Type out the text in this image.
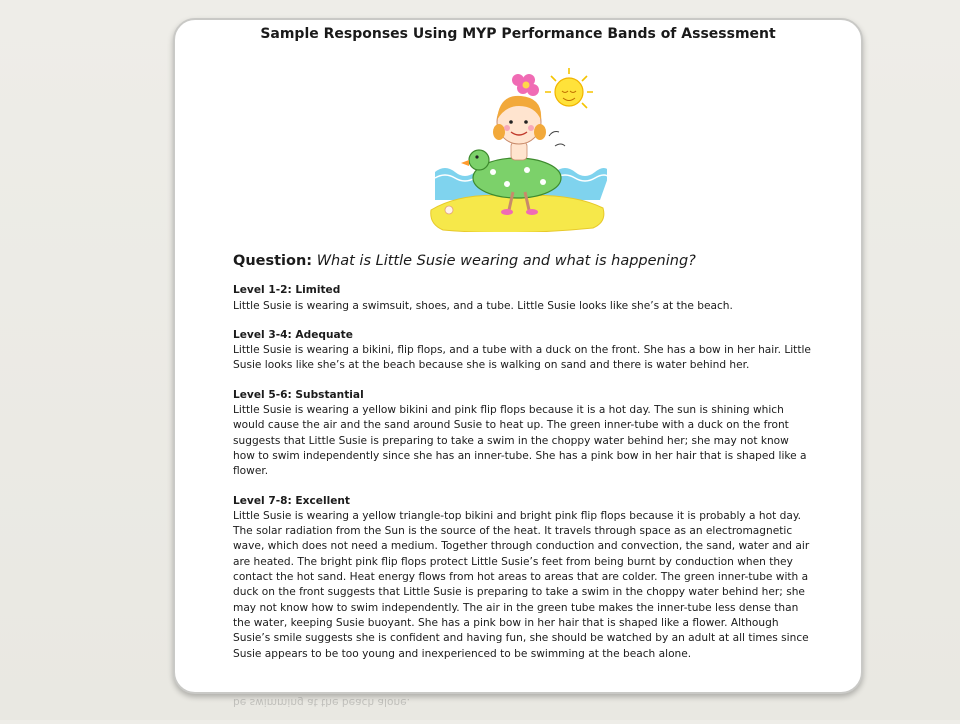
Sample Responses Using MYP Performance Bands of Assessment
Question: What is Little Susie wearing and what is happening?
Level 1-2: Limited

Little Susie is wearing a swimsuit, shoes, and a tube. Little Susie looks like she’s at the beach.

Level 3-4: Adequate

Little Susie is wearing a bikini, flip flops, and a tube with a duck on the front. She has a bow in her hair. Little Susie looks like she’s at the beach because she is walking on sand and there is water behind her.

Level 5-6: Substantial

Little Susie is wearing a yellow bikini and pink flip flops because it is a hot day. The sun is shining which would cause the air and the sand around Susie to heat up. The green inner-tube with a duck on the front suggests that Little Susie is preparing to take a swim in the choppy water behind her; she may not know how to swim independently since she has an inner-tube. She has a pink bow in her hair that is shaped like a flower.

Level 7-8: Excellent

Little Susie is wearing a yellow triangle-top bikini and bright pink flip flops because it is probably a hot day. The solar radiation from the Sun is the source of the heat. It travels through space as an electromagnetic wave, which does not need a medium. Together through conduction and convection, the sand, water and air are heated. The bright pink flip flops protect Little Susie’s feet from being burnt by conduction when they contact the hot sand. Heat energy flows from hot areas to areas that are colder. The green inner-tube with a duck on the front suggests that Little Susie is preparing to take a swim in the choppy water behind her; she may not know how to swim independently. The air in the green tube makes the inner-tube less dense than the water, keeping Susie buoyant. She has a pink bow in her hair that is shaped like a flower. Although Susie’s smile suggests she is confident and having fun, she should be watched by an adult at all times since Susie appears to be too young and inexperienced to be swimming at the beach alone.

be swimming at the beach alone.
